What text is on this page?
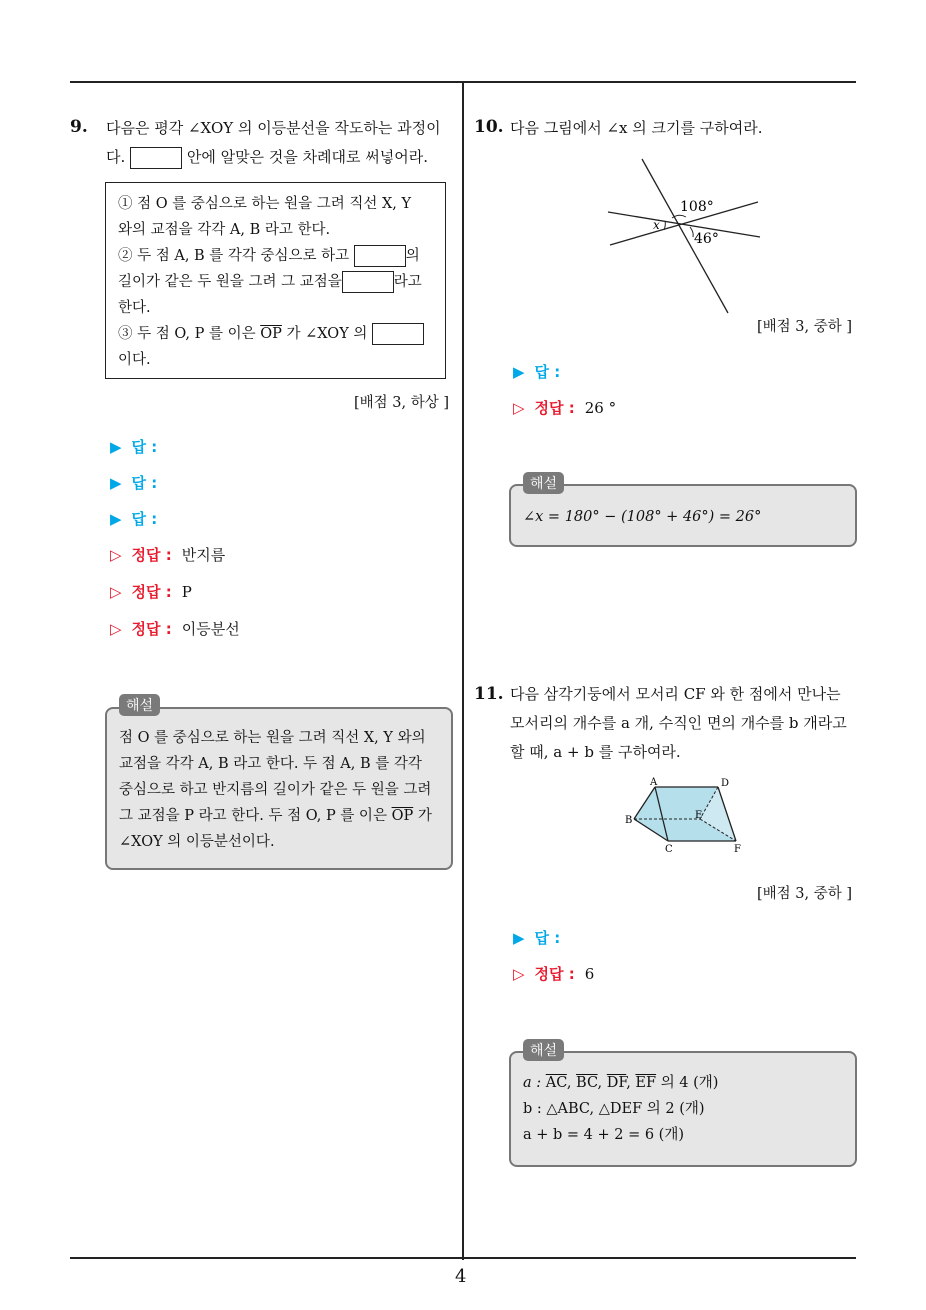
4
9. 다음은 평각 ∠XOY 의 이등분선을 작도하는 과정이
다.	안에 알맞은 것을 차례대로 써넣어라.
① 점 O 를 중심으로 하는 원을 그려 직선 X, Y
와의 교점을 각각 A, B 라고 한다.
② 두 점 A, B 를 각각 중심으로 하고	의
길이가 같은 두 원을 그려 그 교점을	라고
한다.
③ 두 점 O, P 를 이은 $\overline{OP}$ 가 ∠XOY 의
이다.
[배점 3, 하상 ]
▶ 답 :
▶ 답 :
▶ 답 :
▷ 정답 : 반지름
▷ 정답 : P
▷ 정답 : 이등분선
점 O 를 중심으로 하는 원을 그려 직선 X, Y 와의
교점을 각각 A, B 라고 한다. 두 점 A, B 를 각각
중심으로 하고 반지름의 길이가 같은 두 원을 그려
그 교점을 P 라고 한다. 두 점 O, P 를 이은 $\overline{OP}$ 가
∠XOY 의 이등분선이다.
해설
10. 다음 그림에서 ∠x 의 크기를 구하여라.
108°
46°
x
[배점 3, 중하 ]
▶ 답 :
▷ 정답 : 26 °
∠x = 180° − (108° + 46°) = 26°
해설
11. 다음 삼각기둥에서 모서리 CF 와 한 점에서 만나는
모서리의 개수를 a 개, 수직인 면의 개수를 b 개라고
할 때, a + b 를 구하여라.
A	D
B	E
C	F
[배점 3, 중하 ]
▶ 답 :
▷ 정답 : 6
a : $\overline{AC}$, $\overline{BC}$, $\overline{DF}$, $\overline{EF}$ 의 4 (개)
b : △ABC, △DEF 의 2 (개)
a + b = 4 + 2 = 6 (개)
해설
